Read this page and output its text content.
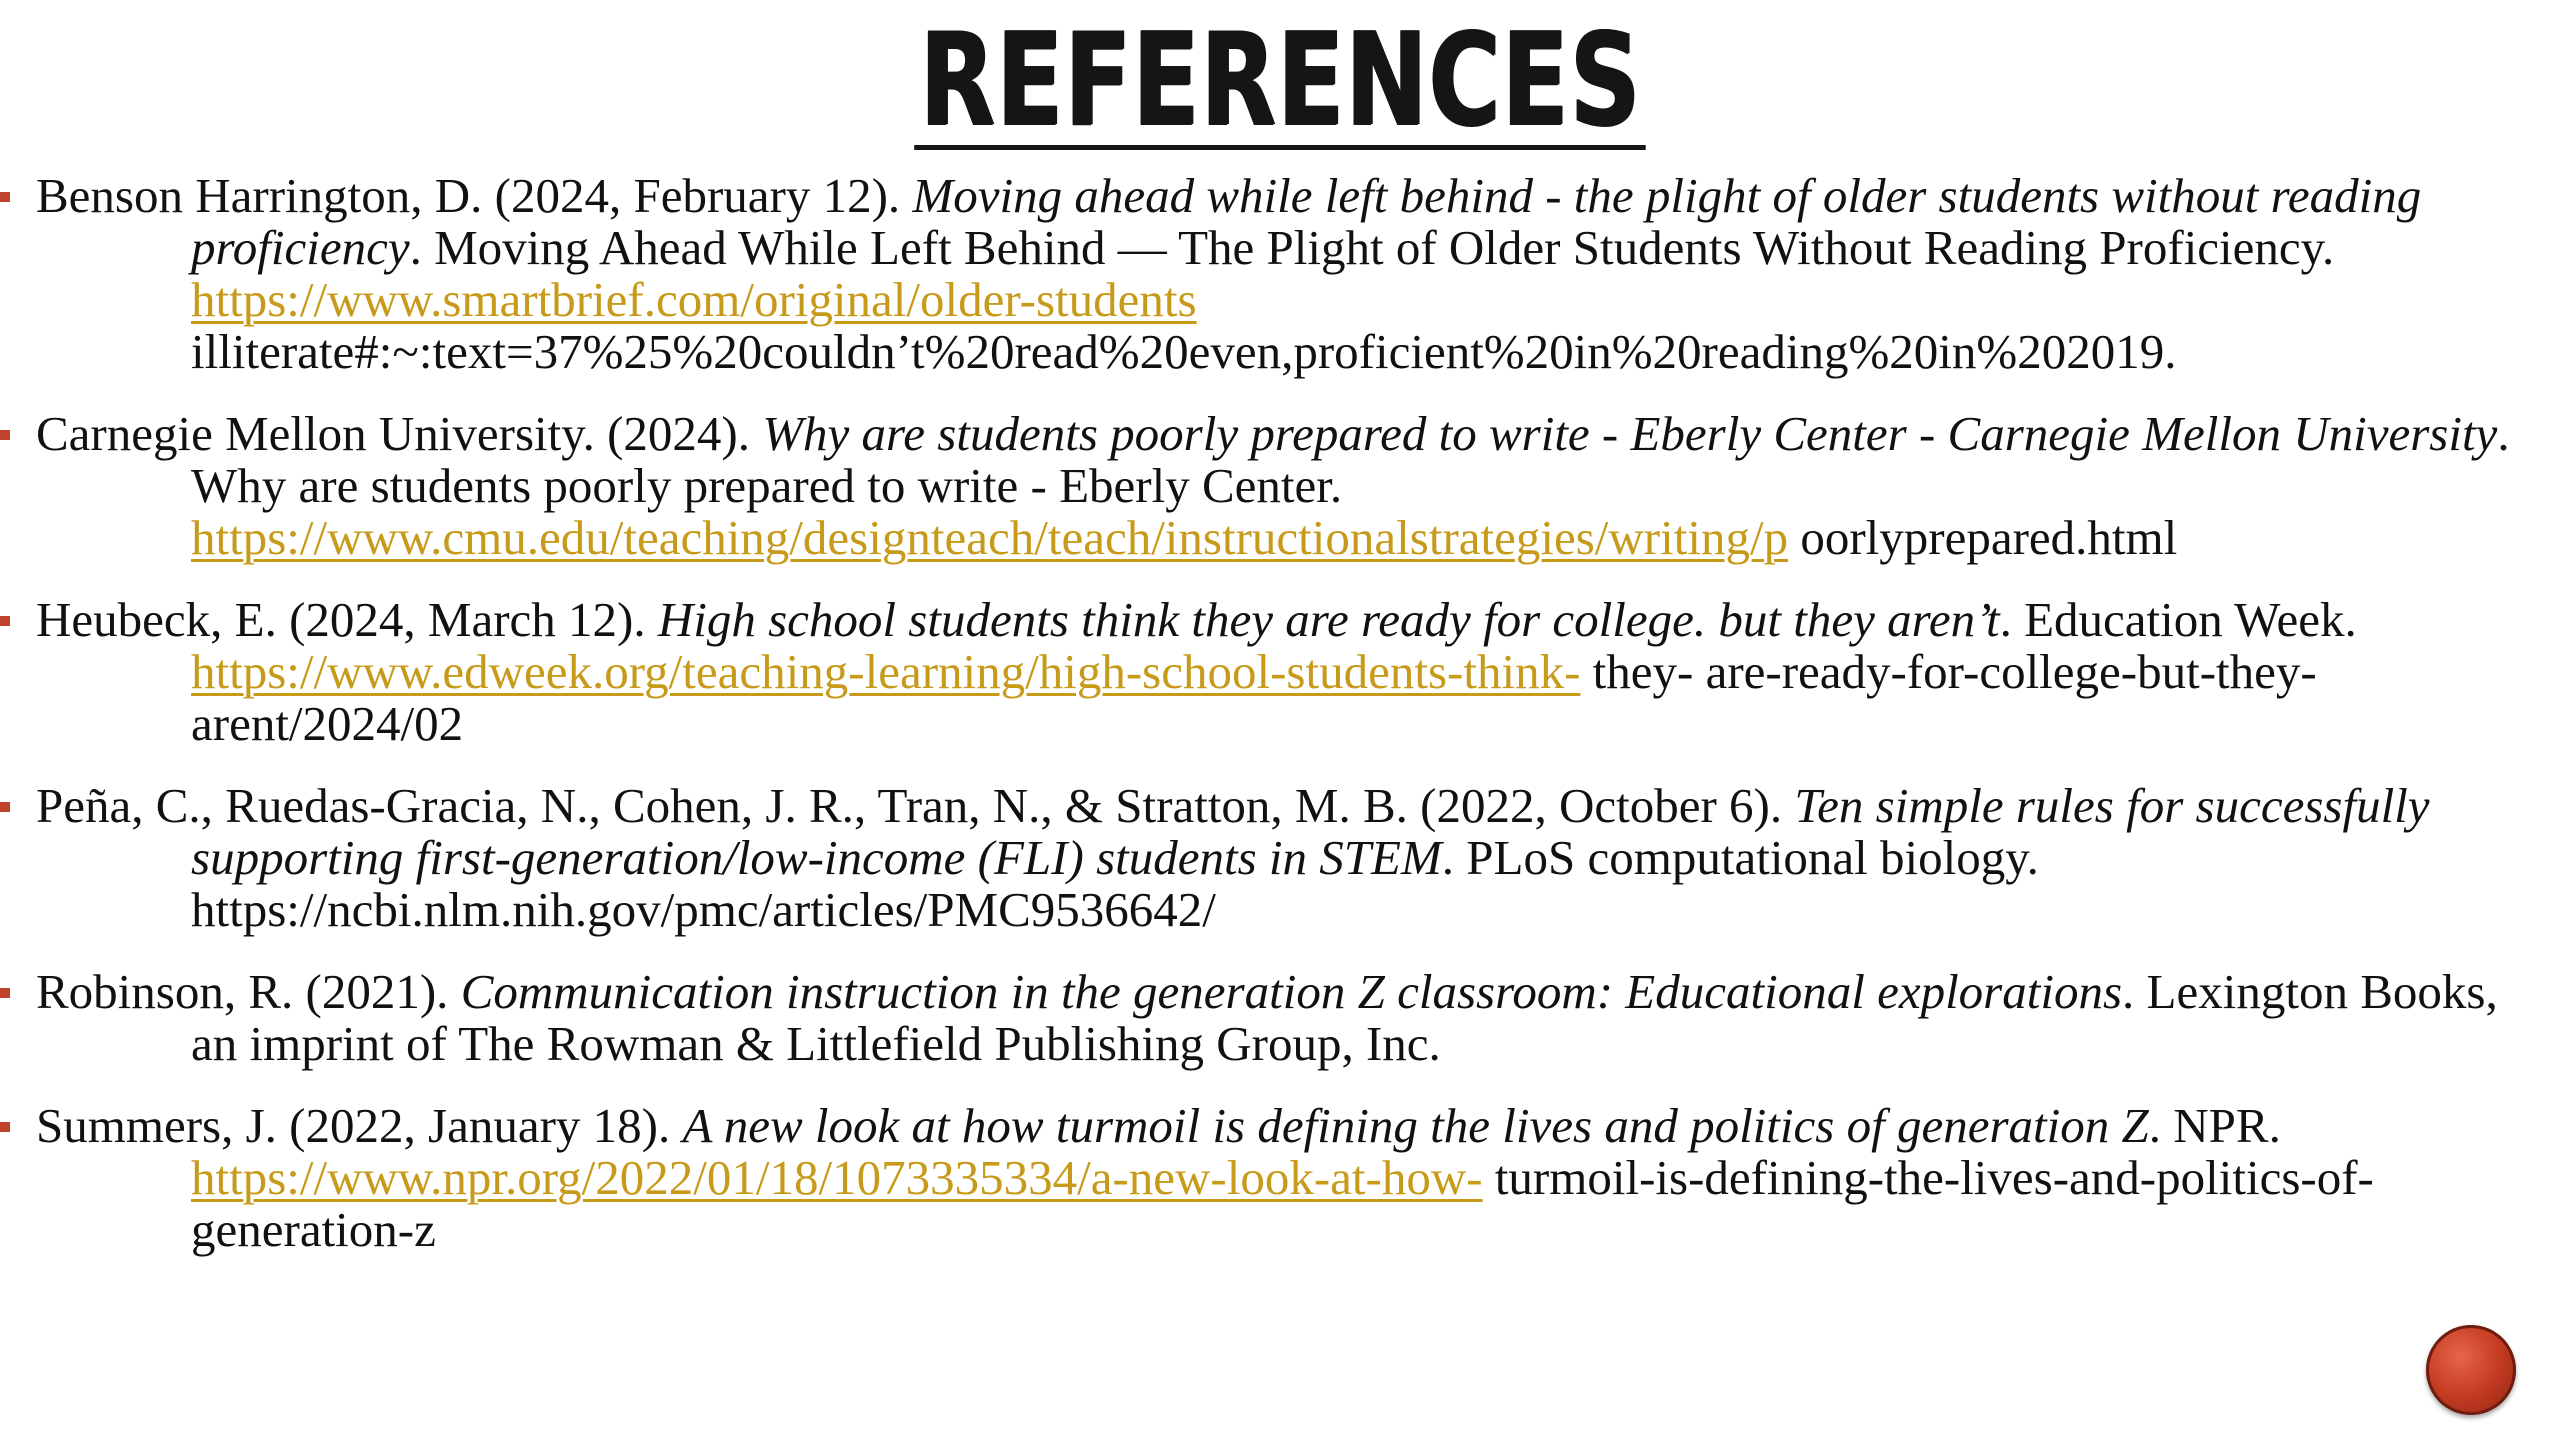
REFERENCES
Benson Harrington, D. (2024, February 12). Moving ahead while left behind - the plight of older students without reading proficiency. Moving Ahead While Left Behind — The Plight of Older Students Without Reading Proficiency. https://www.smartbrief.com/original/older-students illiterate#:~:text=37%25%20couldn’t%20read%20even,proficient%20in%20reading%20in%202019.
Carnegie Mellon University. (2024). Why are students poorly prepared to write - Eberly Center - Carnegie Mellon University. Why are students poorly prepared to write - Eberly Center. https://www.cmu.edu/teaching/designteach/teach/instructionalstrategies/writing/p oorlyprepared.html
Heubeck, E. (2024, March 12). High school students think they are ready for college. but they aren’t. Education Week. https://www.edweek.org/teaching-learning/high-school-students-think- they- are-ready-for-college-but-they-arent/2024/02
Peña, C., Ruedas-Gracia, N., Cohen, J. R., Tran, N., & Stratton, M. B. (2022, October 6). Ten simple rules for successfully supporting first-generation/low-income (FLI) students in STEM. PLoS computational biology. https://ncbi.nlm.nih.gov/pmc/articles/PMC9536642/
Robinson, R. (2021). Communication instruction in the generation Z classroom: Educational explorations. Lexington Books, an imprint of The Rowman & Littlefield Publishing Group, Inc.
Summers, J. (2022, January 18). A new look at how turmoil is defining the lives and politics of generation Z. NPR. https://www.npr.org/2022/01/18/1073335334/a-new-look-at-how- turmoil-is-defining-the-lives-and-politics-of-generation-z
